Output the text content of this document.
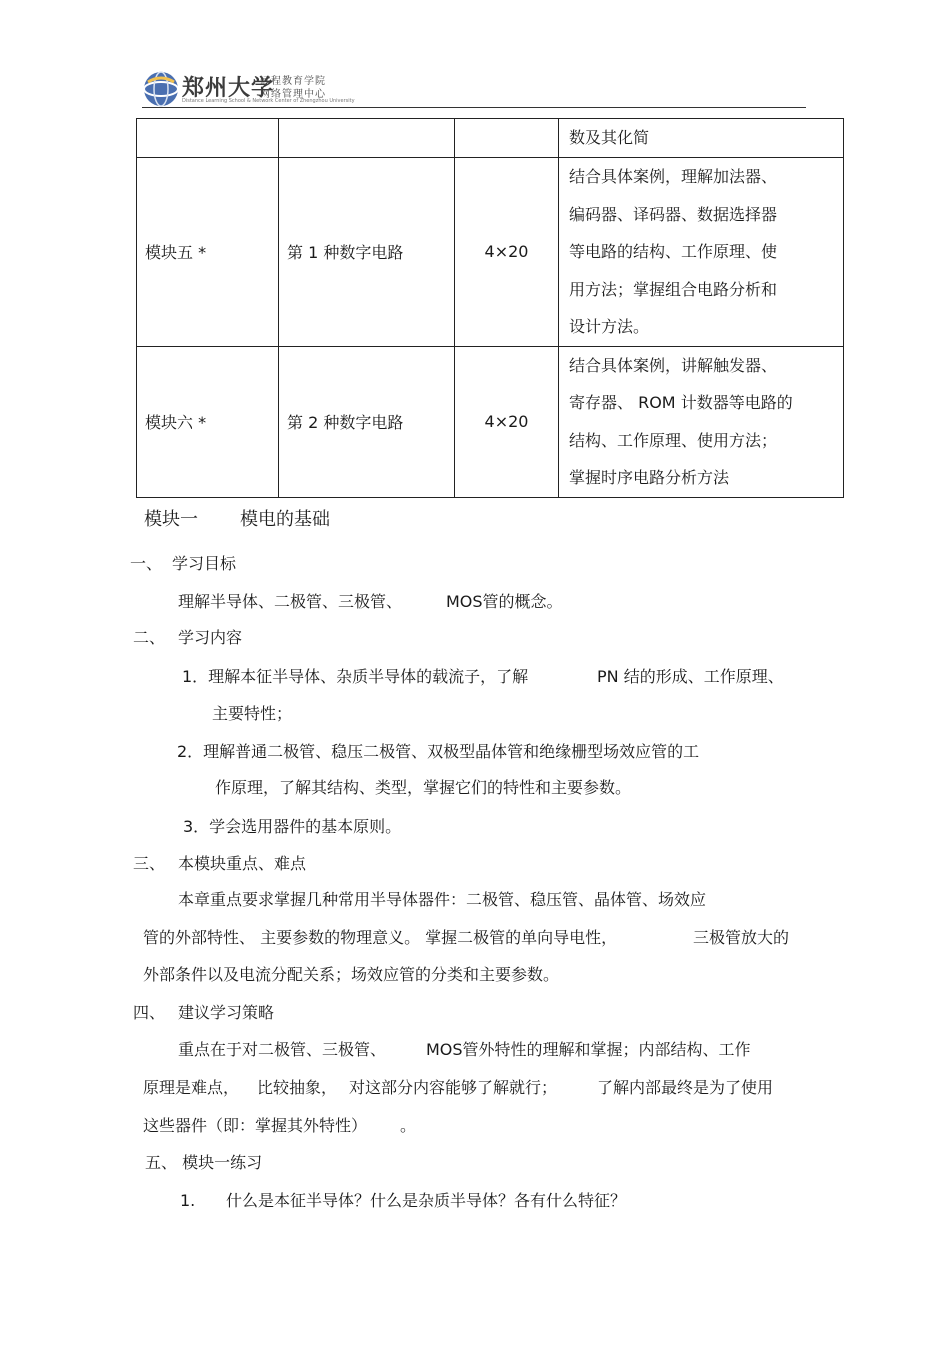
郑州大学
远程教育学院
网络管理中心
Distance Learning School & Network Center of Zhengzhou University

			数及其化简

模块五 *	第 1 种数字电路	4×20	结合具体案例，理解加法器、
编码器、译码器、数据选择器
等电路的结构、工作原理、使
用方法；掌握组合电路分析和
设计方法。

模块六 *	第 2 种数字电路	4×20	结合具体案例，讲解触发器、
寄存器、 ROM 计数器等电路的
结构、工作原理、使用方法；
掌握时序电路分析方法
模块一 模电的基础
一、 学习目标
理解半导体、二极管、三极管、	MOS管的概念。
二、 学习内容
1．理解本征半导体、杂质半导体的载流子，了解	PN 结的形成、工作原理、
主要特性；
2．理解普通二极管、稳压二极管、双极型晶体管和绝缘栅型场效应管的工
作原理，了解其结构、类型，掌握它们的特性和主要参数。
3．学会选用器件的基本原则。
三、 本模块重点、难点
本章重点要求掌握几种常用半导体器件：二极管、稳压管、晶体管、场效应
管的外部特性、 主要参数的物理意义。 掌握二极管的单向导电性，	三极管放大的
外部条件以及电流分配关系；场效应管的分类和主要参数。
四、 建议学习策略
重点在于对二极管、三极管、 MOS管外特性的理解和掌握；内部结构、工作
原理是难点， 比较抽象， 对这部分内容能够了解就行； 了解内部最终是为了使用
这些器件（即：掌握其外特性） 。
五、 模块一练习
1. 什么是本征半导体？什么是杂质半导体？各有什么特征？
